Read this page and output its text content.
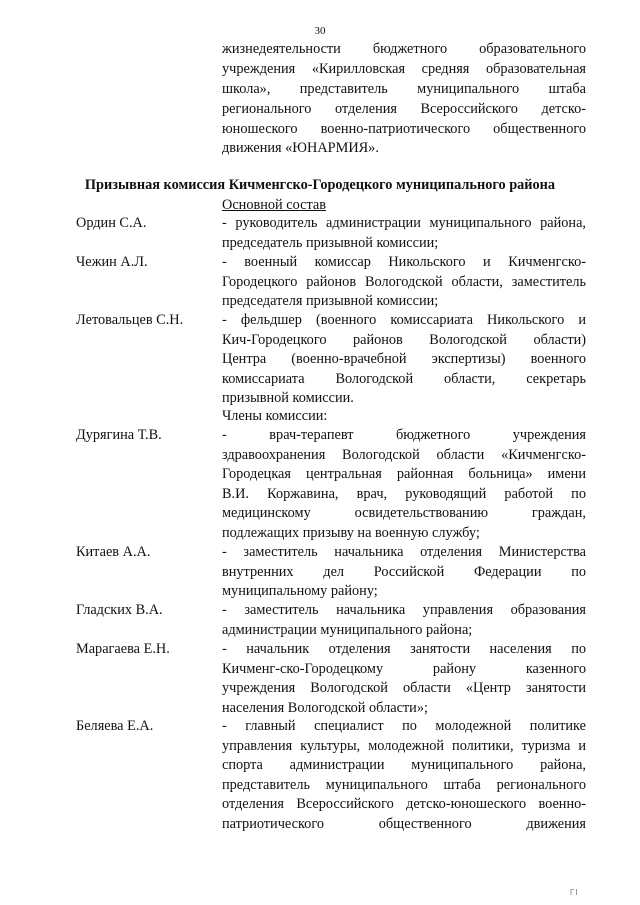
30
жизнедеятельности бюджетного образовательного
учреждения «Кирилловская средняя образовательная
школа», представитель муниципального штаба
регионального отделения Всероссийского детско-
юношеского военно-патриотического общественного
движения «ЮНАРМИЯ».
Призывная комиссия Кичменгско-Городецкого муниципального района
Основной состав
Ордин С.А.	- руководитель администрации муниципального района,
председатель призывной комиссии;
Чежин А.Л.	- военный комиссар Никольского и Кичменгско-
Городецкого районов Вологодской области, заместитель
председателя призывной комиссии;
Летовальцев С.Н.	- фельдшер (военного комиссариата Никольского и
Кич-Городецкого районов Вологодской области)
Центра (военно-врачебной экспертизы) военного
комиссариата Вологодской области, секретарь
призывной комиссии.
Члены комиссии:
Дурягина Т.В.	- врач-терапевт бюджетного учреждения
здравоохранения Вологодской области «Кичменгско-
Городецкая центральная районная больница» имени
В.И. Коржавина, врач, руководящий работой по
медицинскому освидетельствованию граждан,
подлежащих призыву на военную службу;
Китаев А.А.	- заместитель начальника отделения Министерства
внутренних дел Российской Федерации по
муниципальному району;
Гладских В.А.	- заместитель начальника управления образования
администрации муниципального района;
Марагаева Е.Н.	- начальник отделения занятости населения по
Кичменг-ско-Городецкому району казенного
учреждения Вологодской области «Центр занятости
населения Вологодской области»;
Беляева Е.А.	- главный специалист по молодежной политике
управления культуры, молодежной политики, туризма и
спорта администрации муниципального района,
представитель муниципального штаба регионального
отделения Всероссийского детско-юношеского военно-
патриотического общественного движения
ГІ
